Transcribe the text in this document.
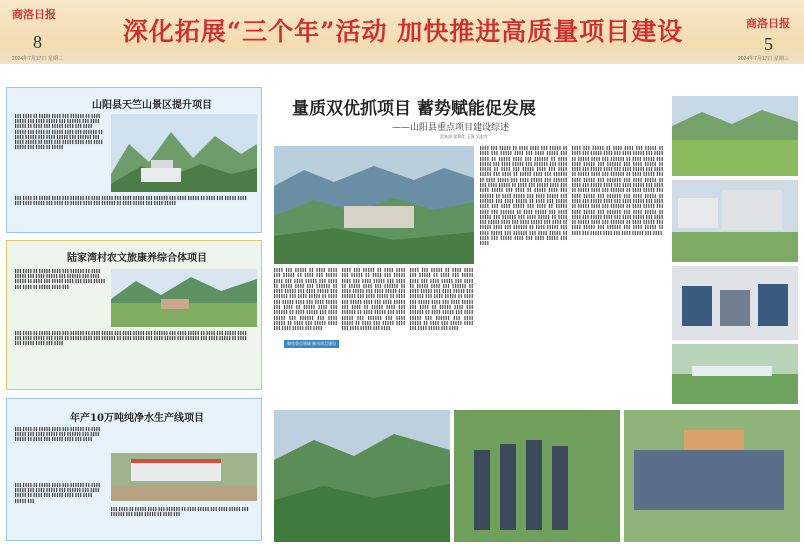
商洛日报
8
2024年7月17日 星期三
深化拓展“三个年”活动 加快推进高质量项目建设	商洛日报
5
2024年7月17日 星期三
山阳县天竺山景区提升项目
▌▌▌ ▌▌▌▌ ▌▌ ▌▌▌▌▌ ▌▌▌▌ ▌▌▌ ▌▌▌▌▌▌ ▌▌ ▌▌▌▌ ▌▌▌▌▌ ▌▌▌ ▌▌▌▌ ▌▌▌▌▌ ▌▌▌ ▌▌▌▌▌▌ ▌▌▌ ▌▌▌▌ ▌▌▌▌▌ ▌▌ ▌▌▌▌ ▌▌▌ ▌▌▌▌▌ ▌▌▌▌ ▌▌▌ ▌▌▌▌ ▌▌▌▌▌ ▌▌▌ ▌▌▌▌ ▌▌ ▌▌▌▌▌ ▌▌▌▌ ▌▌▌ ▌▌▌▌▌▌ ▌▌ ▌▌▌▌ ▌▌▌▌▌ ▌▌▌ ▌▌▌▌ ▌▌▌▌▌ ▌▌▌ ▌▌▌▌▌▌ ▌▌▌ ▌▌▌▌ ▌▌▌▌▌ ▌▌ ▌▌▌▌ ▌▌▌ ▌▌▌▌▌ ▌▌▌▌ ▌▌▌ ▌▌▌▌ ▌▌▌▌▌ ▌▌▌ ▌▌▌▌ ▌▌ ▌▌▌▌▌
▌▌▌ ▌▌▌▌ ▌▌ ▌▌▌▌▌ ▌▌▌▌ ▌▌▌ ▌▌▌▌▌▌ ▌▌ ▌▌▌▌ ▌▌▌▌▌ ▌▌▌ ▌▌▌▌ ▌▌▌▌▌ ▌▌▌ ▌▌▌▌▌▌ ▌▌▌ ▌▌▌▌ ▌▌▌▌▌ ▌▌ ▌▌▌▌ ▌▌▌ ▌▌▌▌▌ ▌▌▌▌ ▌▌▌ ▌▌▌▌ ▌▌▌▌▌ ▌▌▌ ▌▌▌▌ ▌▌ ▌▌▌▌▌ ▌▌▌▌ ▌▌▌ ▌▌▌▌▌▌ ▌▌ ▌▌▌▌ ▌▌▌▌▌ ▌▌▌ ▌▌▌▌ ▌▌▌▌▌
陆家湾村农文旅康养综合体项目
▌▌▌ ▌▌▌▌ ▌▌ ▌▌▌▌▌ ▌▌▌▌ ▌▌▌ ▌▌▌▌▌▌ ▌▌ ▌▌▌▌ ▌▌▌▌▌ ▌▌▌ ▌▌▌▌ ▌▌▌▌▌ ▌▌▌ ▌▌▌▌▌▌ ▌▌▌ ▌▌▌▌ ▌▌▌▌▌ ▌▌ ▌▌▌▌ ▌▌▌ ▌▌▌▌▌ ▌▌▌▌ ▌▌▌ ▌▌▌▌ ▌▌▌▌▌ ▌▌▌ ▌▌▌▌ ▌▌ ▌▌▌▌▌ ▌▌▌▌ ▌▌▌
▌▌▌ ▌▌▌▌ ▌▌ ▌▌▌▌▌ ▌▌▌▌ ▌▌▌ ▌▌▌▌▌▌ ▌▌ ▌▌▌▌ ▌▌▌▌▌ ▌▌▌ ▌▌▌▌ ▌▌▌▌▌ ▌▌▌ ▌▌▌▌▌▌ ▌▌▌ ▌▌▌▌ ▌▌▌▌▌ ▌▌ ▌▌▌▌ ▌▌▌ ▌▌▌▌▌ ▌▌▌▌ ▌▌▌ ▌▌▌▌ ▌▌▌▌▌ ▌▌▌ ▌▌▌▌ ▌▌ ▌▌▌▌▌ ▌▌▌▌ ▌▌▌ ▌▌▌▌▌▌ ▌▌ ▌▌▌▌ ▌▌▌▌▌ ▌▌▌ ▌▌▌▌ ▌▌▌▌▌ ▌▌▌ ▌▌▌▌▌▌ ▌▌▌ ▌▌▌▌ ▌▌▌▌▌ ▌▌ ▌▌▌▌ ▌▌▌ ▌▌▌▌▌ ▌▌▌▌ ▌▌▌ ▌▌▌▌
年产10万吨纯净水生产线项目
▌▌▌ ▌▌▌▌ ▌▌ ▌▌▌▌▌ ▌▌▌▌ ▌▌▌ ▌▌▌▌▌▌ ▌▌ ▌▌▌▌ ▌▌▌▌▌ ▌▌▌ ▌▌▌▌ ▌▌▌▌▌ ▌▌▌ ▌▌▌▌▌▌ ▌▌▌ ▌▌▌▌ ▌▌▌▌▌ ▌▌ ▌▌▌▌ ▌▌▌ ▌▌▌▌▌ ▌▌▌▌ ▌▌▌ ▌▌▌▌
▌▌▌ ▌▌▌▌ ▌▌ ▌▌▌▌▌ ▌▌▌▌ ▌▌▌ ▌▌▌▌▌▌ ▌▌ ▌▌▌▌ ▌▌▌▌▌ ▌▌▌ ▌▌▌▌ ▌▌▌▌▌ ▌▌▌ ▌▌▌▌▌▌ ▌▌▌ ▌▌▌▌ ▌▌▌▌▌ ▌▌ ▌▌▌▌ ▌▌▌ ▌▌▌▌▌ ▌▌▌▌ ▌▌▌ ▌▌▌▌ ▌▌▌▌▌ ▌▌▌
▌▌▌ ▌▌▌▌ ▌▌ ▌▌▌▌▌ ▌▌▌▌ ▌▌▌ ▌▌▌▌▌▌ ▌▌ ▌▌▌▌ ▌▌▌▌▌ ▌▌▌ ▌▌▌▌ ▌▌▌▌▌ ▌▌▌ ▌▌▌▌▌▌ ▌▌▌ ▌▌▌▌ ▌▌▌▌▌ ▌▌ ▌▌▌▌ ▌▌▌
量质双优抓项目 蓄势赋能促发展
——山阳县重点项目建设综述
贺来涛 张利红 王强 吴思雪
▌▌▌▌ ▌▌▌ ▌▌▌▌▌ ▌▌ ▌▌▌▌ ▌▌▌▌ ▌▌▌ ▌▌▌▌▌ ▌▌ ▌▌▌▌ ▌▌▌ ▌▌▌▌▌ ▌▌▌▌ ▌▌▌ ▌▌▌▌ ▌▌▌▌▌ ▌▌▌ ▌▌▌▌ ▌▌ ▌▌▌▌▌ ▌▌▌▌ ▌▌▌ ▌▌▌▌▌▌ ▌▌ ▌▌▌▌ ▌▌▌▌▌ ▌▌▌ ▌▌▌▌ ▌▌▌▌▌ ▌▌▌ ▌▌▌▌▌▌ ▌▌▌ ▌▌▌▌ ▌▌▌▌▌ ▌▌ ▌▌▌▌ ▌▌▌ ▌▌▌▌▌ ▌▌▌▌ ▌▌▌ ▌▌▌▌ ▌▌▌▌▌ ▌▌▌ ▌▌▌▌ ▌▌ ▌▌▌▌▌ ▌▌▌▌ ▌▌▌ ▌▌▌▌▌▌ ▌▌ ▌▌▌▌ ▌▌▌▌▌ ▌▌▌ ▌▌▌▌ ▌▌▌▌▌ ▌▌▌ ▌▌▌▌▌▌ ▌▌▌ ▌▌▌▌ ▌▌▌▌▌ ▌▌ ▌▌▌▌ ▌▌▌ ▌▌▌▌▌ ▌▌▌▌ ▌▌▌ ▌▌▌▌ ▌▌▌▌▌ ▌▌▌ ▌▌▌▌
聚焦重点领域 推动项目建设
▌▌▌▌ ▌▌▌ ▌▌▌▌▌ ▌▌ ▌▌▌▌ ▌▌▌▌ ▌▌▌ ▌▌▌▌▌ ▌▌ ▌▌▌▌ ▌▌▌ ▌▌▌▌▌ ▌▌▌▌ ▌▌▌ ▌▌▌▌ ▌▌▌▌▌ ▌▌▌ ▌▌▌▌ ▌▌ ▌▌▌▌▌ ▌▌▌▌ ▌▌▌ ▌▌▌▌▌▌ ▌▌ ▌▌▌▌ ▌▌▌▌▌ ▌▌▌ ▌▌▌▌ ▌▌▌▌▌ ▌▌▌ ▌▌▌▌▌▌ ▌▌▌ ▌▌▌▌ ▌▌▌▌▌ ▌▌ ▌▌▌▌ ▌▌▌ ▌▌▌▌▌ ▌▌▌▌ ▌▌▌ ▌▌▌▌ ▌▌▌▌▌ ▌▌▌ ▌▌▌▌ ▌▌ ▌▌▌▌▌ ▌▌▌▌ ▌▌▌ ▌▌▌▌▌▌ ▌▌ ▌▌▌▌ ▌▌▌▌▌ ▌▌▌ ▌▌▌▌ ▌▌▌▌▌ ▌▌▌ ▌▌▌▌▌▌ ▌▌▌ ▌▌▌▌ ▌▌▌▌▌ ▌▌ ▌▌▌▌ ▌▌▌ ▌▌▌▌▌ ▌▌▌▌ ▌▌▌ ▌▌▌▌ ▌▌▌▌▌ ▌▌▌ ▌▌▌▌
▌▌▌▌ ▌▌▌ ▌▌▌▌▌ ▌▌ ▌▌▌▌ ▌▌▌▌ ▌▌▌ ▌▌▌▌▌ ▌▌ ▌▌▌▌ ▌▌▌ ▌▌▌▌▌ ▌▌▌▌ ▌▌▌ ▌▌▌▌ ▌▌▌▌▌ ▌▌▌ ▌▌▌▌ ▌▌ ▌▌▌▌▌ ▌▌▌▌ ▌▌▌ ▌▌▌▌▌▌ ▌▌ ▌▌▌▌ ▌▌▌▌▌ ▌▌▌ ▌▌▌▌ ▌▌▌▌▌ ▌▌▌ ▌▌▌▌▌▌ ▌▌▌ ▌▌▌▌ ▌▌▌▌▌ ▌▌ ▌▌▌▌ ▌▌▌ ▌▌▌▌▌ ▌▌▌▌ ▌▌▌ ▌▌▌▌ ▌▌▌▌▌ ▌▌▌ ▌▌▌▌ ▌▌ ▌▌▌▌▌ ▌▌▌▌ ▌▌▌ ▌▌▌▌▌▌ ▌▌ ▌▌▌▌ ▌▌▌▌▌ ▌▌▌ ▌▌▌▌ ▌▌▌▌▌ ▌▌▌ ▌▌▌▌▌▌ ▌▌▌ ▌▌▌▌ ▌▌▌▌▌ ▌▌ ▌▌▌▌ ▌▌▌ ▌▌▌▌▌ ▌▌▌▌ ▌▌▌ ▌▌▌▌ ▌▌▌▌▌ ▌▌▌ ▌▌▌▌
▌▌▌▌ ▌▌▌ ▌▌▌▌▌ ▌▌ ▌▌▌▌ ▌▌▌▌ ▌▌▌ ▌▌▌▌▌ ▌▌ ▌▌▌▌ ▌▌▌ ▌▌▌▌▌ ▌▌▌▌ ▌▌▌ ▌▌▌▌ ▌▌▌▌▌ ▌▌▌ ▌▌▌▌ ▌▌ ▌▌▌▌▌ ▌▌▌▌ ▌▌▌ ▌▌▌▌▌▌ ▌▌ ▌▌▌▌ ▌▌▌▌▌ ▌▌▌ ▌▌▌▌ ▌▌▌▌▌ ▌▌▌ ▌▌▌▌▌▌ ▌▌▌ ▌▌▌▌ ▌▌▌▌▌ ▌▌ ▌▌▌▌ ▌▌▌ ▌▌▌▌▌ ▌▌▌▌ ▌▌▌ ▌▌▌▌ ▌▌▌▌▌ ▌▌▌ ▌▌▌▌ ▌▌ ▌▌▌▌▌ ▌▌▌▌ ▌▌▌ ▌▌▌▌▌▌ ▌▌ ▌▌▌▌ ▌▌▌▌▌ ▌▌▌ ▌▌▌▌ ▌▌▌▌▌ ▌▌▌ ▌▌▌▌▌▌ ▌▌▌ ▌▌▌▌ ▌▌▌▌▌ ▌▌ ▌▌▌▌ ▌▌▌ ▌▌▌▌▌ ▌▌▌▌ ▌▌▌ ▌▌▌▌ ▌▌▌▌▌ ▌▌▌ ▌▌▌▌ ▌▌ ▌▌▌▌▌ ▌▌▌▌ ▌▌▌ ▌▌▌▌▌▌ ▌▌ ▌▌▌▌ ▌▌▌▌▌ ▌▌▌ ▌▌▌▌ ▌▌▌▌▌ ▌▌▌ ▌▌▌▌▌▌ ▌▌▌ ▌▌▌▌ ▌▌▌▌▌ ▌▌ ▌▌▌▌ ▌▌▌ ▌▌▌▌▌ ▌▌▌▌ ▌▌▌ ▌▌▌▌ ▌▌▌▌▌ ▌▌▌ ▌▌▌▌ ▌▌ ▌▌▌▌▌ ▌▌▌▌ ▌▌▌ ▌▌▌▌▌▌ ▌▌ ▌▌▌▌ ▌▌▌▌▌ ▌▌▌ ▌▌▌▌ ▌▌▌▌▌ ▌▌▌ ▌▌▌▌▌▌ ▌▌▌ ▌▌▌▌ ▌▌▌▌▌ ▌▌ ▌▌▌▌ ▌▌▌ ▌▌▌▌▌ ▌▌▌▌ ▌▌▌ ▌▌▌▌ ▌▌▌▌▌ ▌▌▌ ▌▌▌▌ ▌▌ ▌▌▌▌▌ ▌▌▌▌ ▌▌▌ ▌▌▌▌▌▌ ▌▌ ▌▌▌▌ ▌▌▌▌▌ ▌▌▌ ▌▌▌▌ ▌▌▌▌▌ ▌▌▌ ▌▌▌▌▌▌ ▌▌▌ ▌▌▌▌ ▌▌▌▌▌ ▌▌ ▌▌▌▌ ▌▌▌ ▌▌▌▌▌ ▌▌▌▌ ▌▌▌ ▌▌▌▌ ▌▌▌▌▌ ▌▌▌ ▌▌▌▌
▌▌▌▌ ▌▌▌ ▌▌▌▌▌ ▌▌ ▌▌▌▌ ▌▌▌▌ ▌▌▌ ▌▌▌▌▌ ▌▌ ▌▌▌▌ ▌▌▌ ▌▌▌▌▌ ▌▌▌▌ ▌▌▌ ▌▌▌▌ ▌▌▌▌▌ ▌▌▌ ▌▌▌▌ ▌▌ ▌▌▌▌▌ ▌▌▌▌ ▌▌▌ ▌▌▌▌▌▌ ▌▌ ▌▌▌▌ ▌▌▌▌▌ ▌▌▌ ▌▌▌▌ ▌▌▌▌▌ ▌▌▌ ▌▌▌▌▌▌ ▌▌▌ ▌▌▌▌ ▌▌▌▌▌ ▌▌ ▌▌▌▌ ▌▌▌ ▌▌▌▌▌ ▌▌▌▌ ▌▌▌ ▌▌▌▌ ▌▌▌▌▌ ▌▌▌ ▌▌▌▌ ▌▌ ▌▌▌▌▌ ▌▌▌▌ ▌▌▌ ▌▌▌▌▌▌ ▌▌ ▌▌▌▌ ▌▌▌▌▌ ▌▌▌ ▌▌▌▌ ▌▌▌▌▌ ▌▌▌ ▌▌▌▌▌▌ ▌▌▌ ▌▌▌▌ ▌▌▌▌▌ ▌▌ ▌▌▌▌ ▌▌▌ ▌▌▌▌▌ ▌▌▌▌ ▌▌▌ ▌▌▌▌ ▌▌▌▌▌ ▌▌▌ ▌▌▌▌ ▌▌ ▌▌▌▌▌ ▌▌▌▌ ▌▌▌ ▌▌▌▌▌▌ ▌▌ ▌▌▌▌ ▌▌▌▌▌ ▌▌▌ ▌▌▌▌ ▌▌▌▌▌ ▌▌▌ ▌▌▌▌▌▌ ▌▌▌ ▌▌▌▌ ▌▌▌▌▌ ▌▌ ▌▌▌▌ ▌▌▌ ▌▌▌▌▌ ▌▌▌▌ ▌▌▌ ▌▌▌▌ ▌▌▌▌▌ ▌▌▌ ▌▌▌▌ ▌▌ ▌▌▌▌▌ ▌▌▌▌ ▌▌▌ ▌▌▌▌▌▌ ▌▌ ▌▌▌▌ ▌▌▌▌▌ ▌▌▌ ▌▌▌▌ ▌▌▌▌▌ ▌▌▌ ▌▌▌▌▌▌ ▌▌▌ ▌▌▌▌ ▌▌▌▌▌ ▌▌ ▌▌▌▌ ▌▌▌ ▌▌▌▌▌ ▌▌▌▌ ▌▌▌ ▌▌▌▌ ▌▌▌▌▌ ▌▌▌ ▌▌▌▌ ▌▌ ▌▌▌▌▌ ▌▌▌▌ ▌▌▌ ▌▌▌▌▌▌ ▌▌ ▌▌▌▌ ▌▌▌▌▌ ▌▌▌ ▌▌▌▌ ▌▌▌▌▌ ▌▌▌ ▌▌▌▌▌▌ ▌▌▌ ▌▌▌▌ ▌▌▌▌▌ ▌▌ ▌▌▌▌ ▌▌▌ ▌▌▌▌▌ ▌▌▌▌ ▌▌▌ ▌▌▌▌ ▌▌▌▌▌ ▌▌▌ ▌▌▌▌
